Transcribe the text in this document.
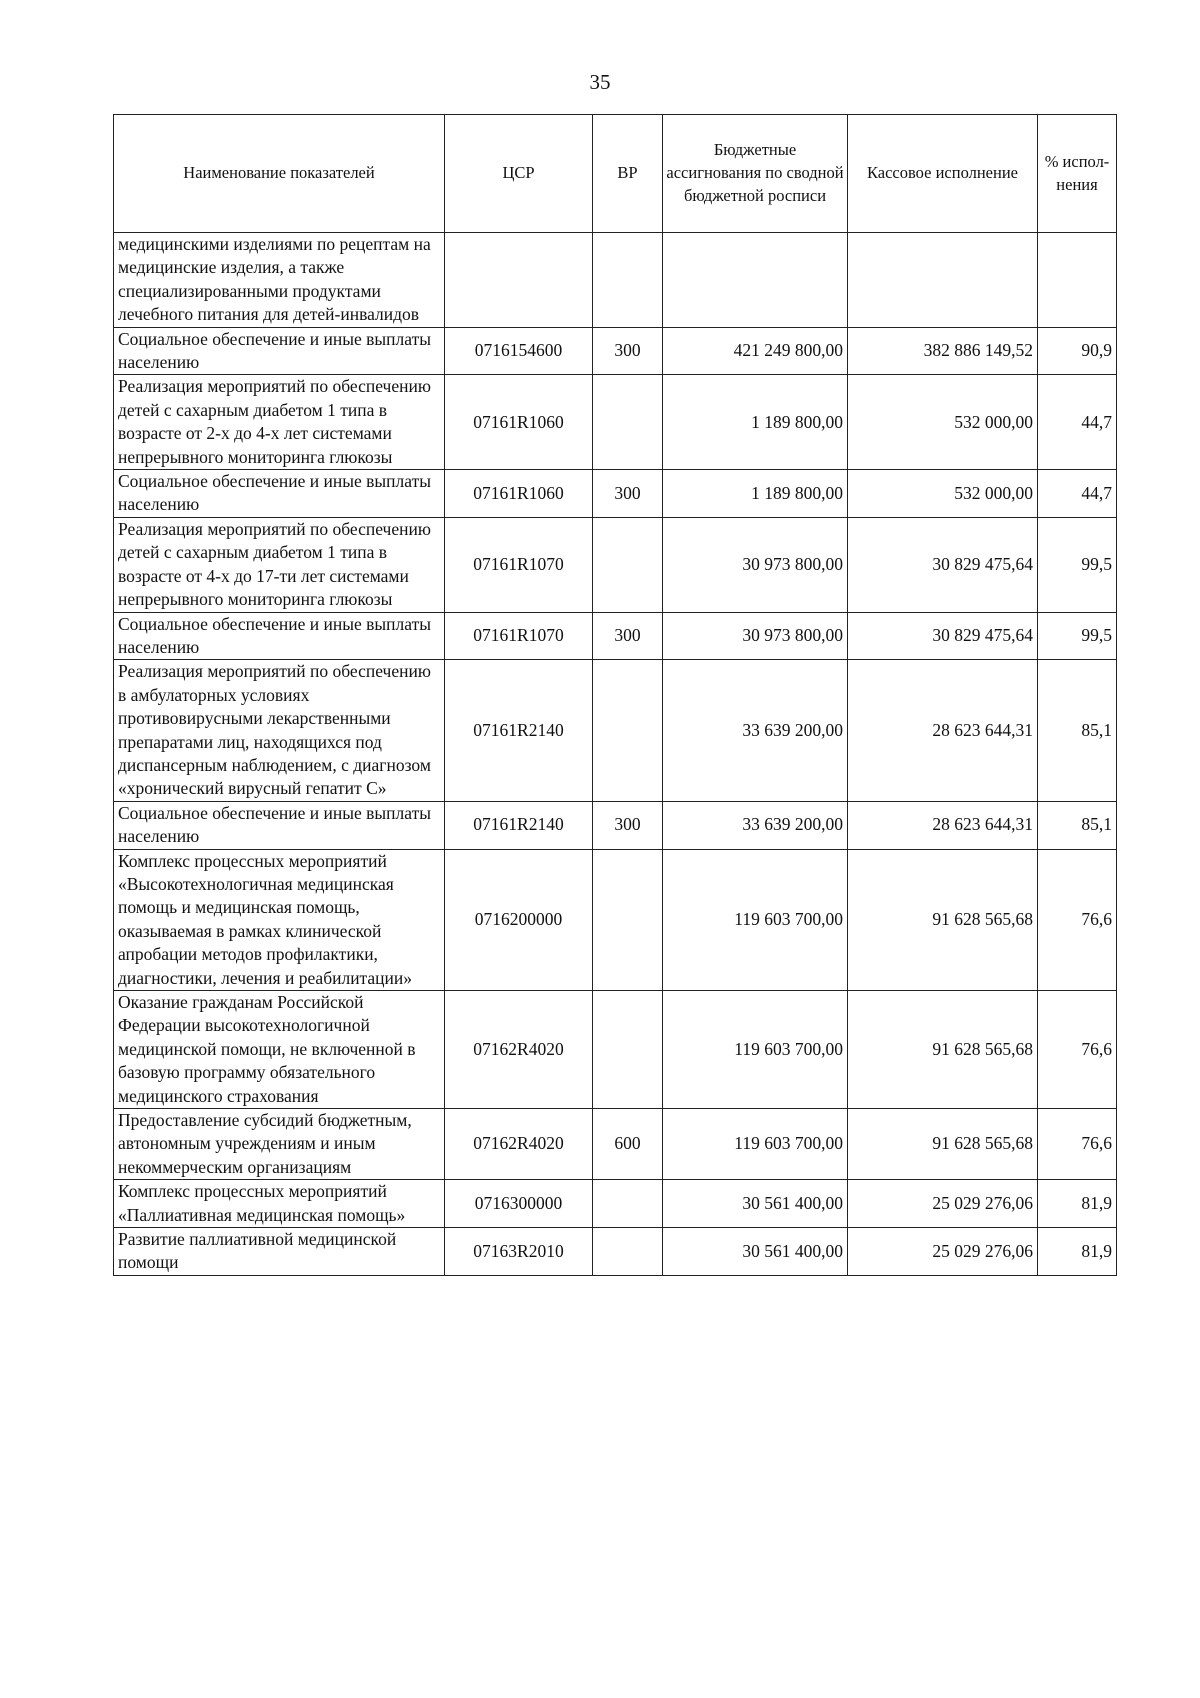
35
Наименование показателей	ЦСР	ВР	Бюджетные ассигнования по сводной бюджетной росписи	Кассовое исполнение	% испол-нения
медицинскими изделиями по рецептам на медицинские изделия, а также специализированными продуктами лечебного питания для детей-инвалидов					
Социальное обеспечение и иные выплаты населению	0716154600	300	421 249 800,00	382 886 149,52	90,9
Реализация мероприятий по обеспечению детей с сахарным диабетом 1 типа в возрасте от 2-х до 4-х лет системами непрерывного мониторинга глюкозы	07161R1060		1 189 800,00	532 000,00	44,7
Социальное обеспечение и иные выплаты населению	07161R1060	300	1 189 800,00	532 000,00	44,7
Реализация мероприятий по обеспечению детей с сахарным диабетом 1 типа в возрасте от 4-х до 17-ти лет системами непрерывного мониторинга глюкозы	07161R1070		30 973 800,00	30 829 475,64	99,5
Социальное обеспечение и иные выплаты населению	07161R1070	300	30 973 800,00	30 829 475,64	99,5
Реализация мероприятий по обеспечению в амбулаторных условиях противовирусными лекарственными препаратами лиц, находящихся под диспансерным наблюдением, с диагнозом «хронический вирусный гепатит С»	07161R2140		33 639 200,00	28 623 644,31	85,1
Социальное обеспечение и иные выплаты населению	07161R2140	300	33 639 200,00	28 623 644,31	85,1
Комплекс процессных мероприятий «Высокотехнологичная медицинская помощь и медицинская помощь, оказываемая в рамках клинической апробации методов профилактики, диагностики, лечения и реабилитации»	0716200000		119 603 700,00	91 628 565,68	76,6
Оказание гражданам Российской Федерации высокотехнологичной медицинской помощи, не включенной в базовую программу обязательного медицинского страхования	07162R4020		119 603 700,00	91 628 565,68	76,6
Предоставление субсидий бюджетным, автономным учреждениям и иным некоммерческим организациям	07162R4020	600	119 603 700,00	91 628 565,68	76,6
Комплекс процессных мероприятий «Паллиативная медицинская помощь»	0716300000		30 561 400,00	25 029 276,06	81,9
Развитие паллиативной медицинской помощи	07163R2010		30 561 400,00	25 029 276,06	81,9
